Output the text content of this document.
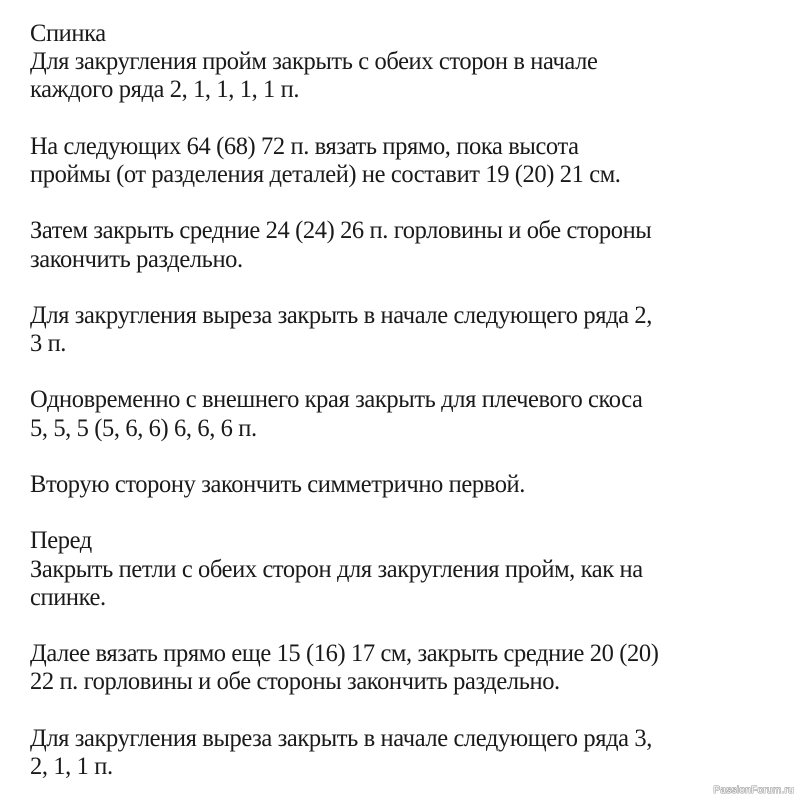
Спинка
Для закругления пройм закрыть с обеих сторон в начале
каждого ряда 2, 1, 1, 1, 1 п.
На следующих 64 (68) 72 п. вязать прямо, пока высота
проймы (от разделения деталей) не составит 19 (20) 21 см.
Затем закрыть средние 24 (24) 26 п. горловины и обе стороны
закончить раздельно.
Для закругления выреза закрыть в начале следующего ряда 2,
3 п.
Одновременно с внешнего края закрыть для плечевого скоса
5, 5, 5 (5, 6, 6) 6, 6, 6 п.
Вторую сторону закончить симметрично первой.
Перед
Закрыть петли с обеих сторон для закругления пройм, как на
спинке.
Далее вязать прямо еще 15 (16) 17 см, закрыть средние 20 (20)
22 п. горловины и обе стороны закончить раздельно.
Для закругления выреза закрыть в начале следующего ряда 3,
2, 1, 1 п.
PassionForum.ru
